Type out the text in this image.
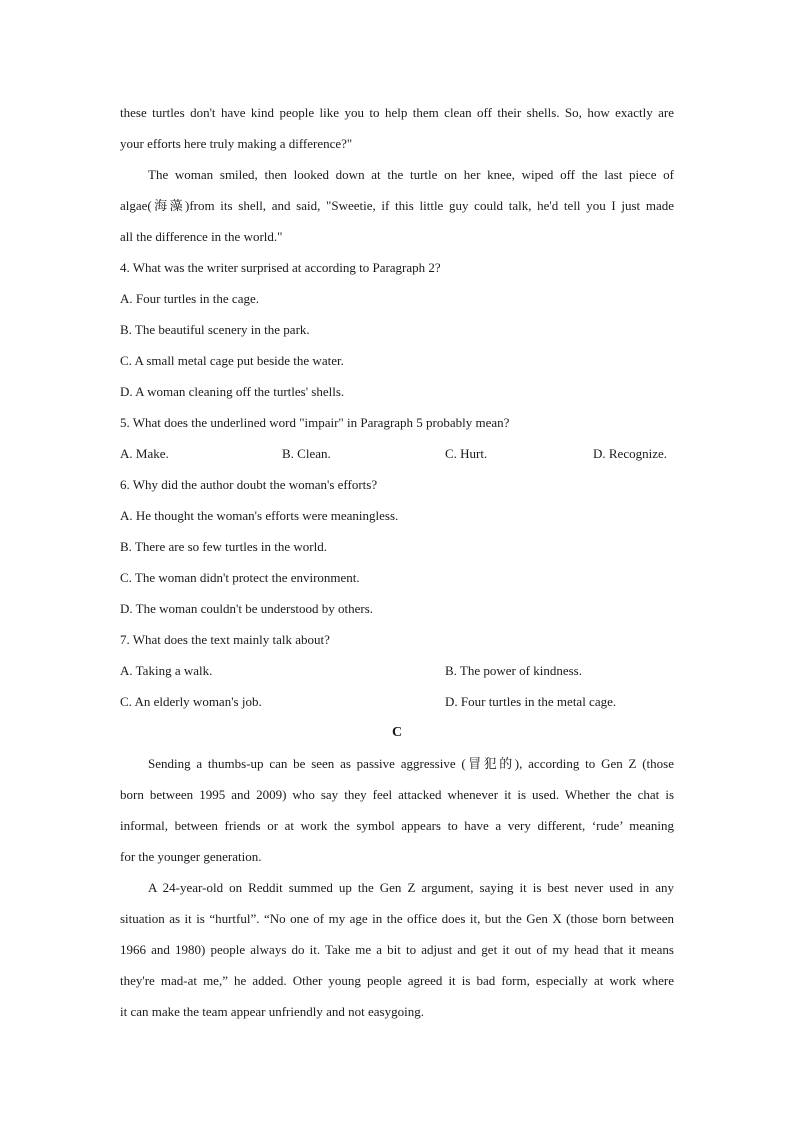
these turtles don't have kind people like you to help them clean off their shells. So, how exactly are
your efforts here truly making a difference?"
The woman smiled, then looked down at the turtle on her knee, wiped off the last piece of
algae(海藻)from its shell, and said, "Sweetie, if this little guy could talk, he'd tell you I just made
all the difference in the world."
4. What was the writer surprised at according to Paragraph 2?
A. Four turtles in the cage.
B. The beautiful scenery in the park.
C. A small metal cage put beside the water.
D. A woman cleaning off the turtles' shells.
5. What does the underlined word "impair" in Paragraph 5 probably mean?
A. Make.	B. Clean.	C. Hurt.	D. Recognize.
6. Why did the author doubt the woman's efforts?
A. He thought the woman's efforts were meaningless.
B. There are so few turtles in the world.
C. The woman didn't protect the environment.
D. The woman couldn't be understood by others.
7. What does the text mainly talk about?
A. Taking a walk.	B. The power of kindness.
C. An elderly woman's job.	D. Four turtles in the metal cage.
C
Sending a thumbs-up can be seen as passive aggressive (冒犯的), according to Gen Z (those
born between 1995 and 2009) who say they feel attacked whenever it is used. Whether the chat is
informal, between friends or at work the symbol appears to have a very different, ‘rude’ meaning
for the younger generation.
A 24-year-old on Reddit summed up the Gen Z argument, saying it is best never used in any
situation as it is “hurtful”. “No one of my age in the office does it, but the Gen X (those born between
1966 and 1980) people always do it. Take me a bit to adjust and get it out of my head that it means
they're mad-at me,” he added. Other young people agreed it is bad form, especially at work where
it can make the team appear unfriendly and not easygoing.
